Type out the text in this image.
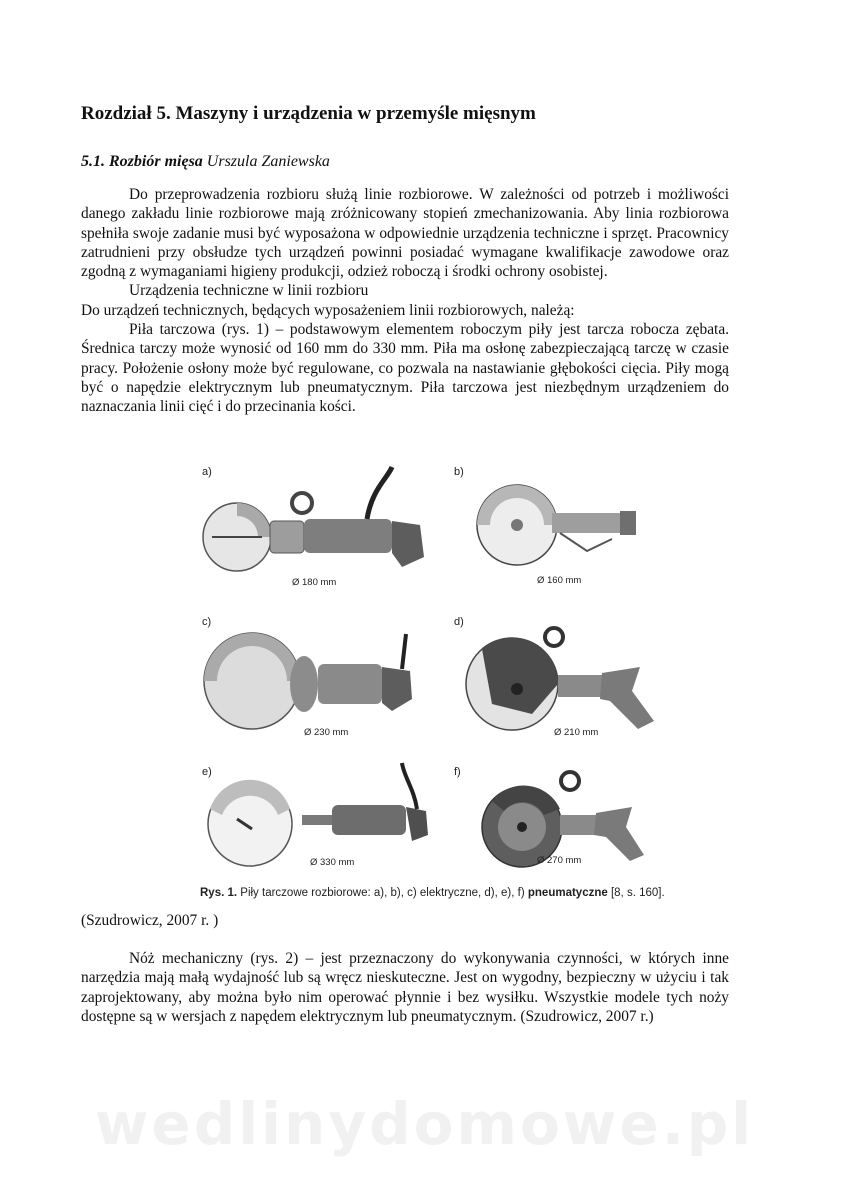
Rozdział 5. Maszyny i urządzenia w przemyśle mięsnym
5.1. Rozbiór mięsa Urszula Zaniewska

Do przeprowadzenia rozbioru służą linie rozbiorowe. W zależności od potrzeb i możliwości danego zakładu linie rozbiorowe mają zróżnicowany stopień zmechanizowania. Aby linia rozbiorowa spełniła swoje zadanie musi być wyposażona w odpowiednie urządzenia techniczne i sprzęt. Pracownicy zatrudnieni przy obsłudze tych urządzeń powinni posiadać wymagane kwalifikacje zawodowe oraz zgodną z wymaganiami higieny produkcji, odzież roboczą i środki ochrony osobistej.

Urządzenia techniczne w linii rozbioru

Do urządzeń technicznych, będących wyposażeniem linii rozbiorowych, należą:

Piła tarczowa (rys. 1) – podstawowym elementem roboczym piły jest tarcza robocza zębata. Średnica tarczy może wynosić od 160 mm do 330 mm. Piła ma osłonę zabezpieczającą tarczę w czasie pracy. Położenie osłony może być regulowane, co pozwala na nastawianie głębokości cięcia. Piły mogą być o napędzie elektrycznym lub pneumatycznym. Piła tarczowa jest niezbędnym urządzeniem do naznaczania linii cięć i do przecinania kości.

a)
Ø 180 mm
b)
Ø 160 mm
c)
Ø 230 mm
d)
Ø 210 mm
e)
Ø 330 mm
f)
Ø 270 mm
Rys. 1. Piły tarczowe rozbiorowe: a), b), c) elektryczne, d), e), f) pneumatyczne [8, s. 160].
(Szudrowicz, 2007 r. )

Nóż mechaniczny (rys. 2) – jest przeznaczony do wykonywania czynności, w których inne narzędzia mają małą wydajność lub są wręcz nieskuteczne. Jest on wygodny, bezpieczny w użyciu i tak zaprojektowany, aby można było nim operować płynnie i bez wysiłku. Wszystkie modele tych noży dostępne są w wersjach z napędem elektrycznym lub pneumatycznym. (Szudrowicz, 2007 r.)

wedlinydomowe.pl
